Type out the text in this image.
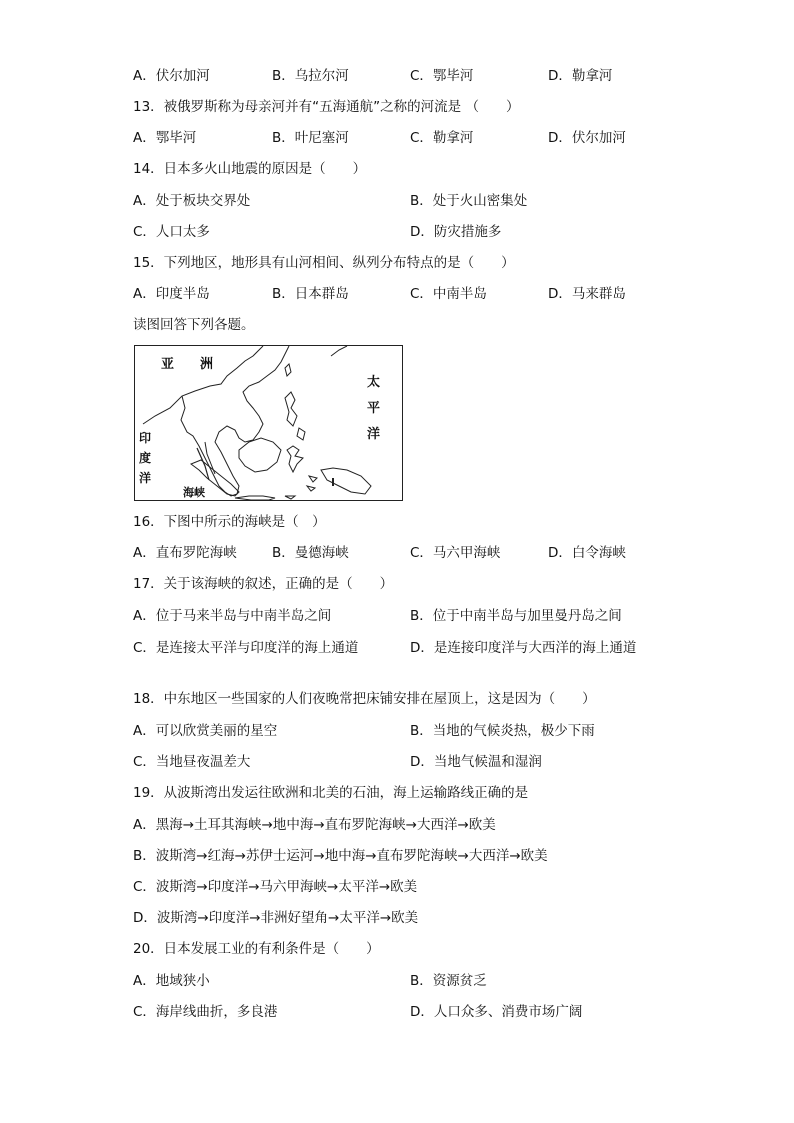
A．伏尔加河	B．乌拉尔河	C．鄂毕河	D．勒拿河
13．被俄罗斯称为母亲河并有“五海通航”之称的河流是 （　　）
A．鄂毕河	B．叶尼塞河	C．勒拿河	D．伏尔加河
14．日本多火山地震的原因是（　　）
A．处于板块交界处	B．处于火山密集处
C．人口太多	D．防灾措施多
15．下列地区，地形具有山河相间、纵列分布特点的是（　　）
A．印度半岛	B．日本群岛	C．中南半岛	D．马来群岛
读图回答下列各题。
亚　　洲
太
平
洋
印
度
洋
海峡
16．下图中所示的海峡是（　）
A．直布罗陀海峡	B．曼德海峡	C．马六甲海峡	D．白令海峡
17．关于该海峡的叙述，正确的是（　　）
A．位于马来半岛与中南半岛之间	B．位于中南半岛与加里曼丹岛之间
C．是连接太平洋与印度洋的海上通道	D．是连接印度洋与大西洋的海上通道
18．中东地区一些国家的人们夜晚常把床铺安排在屋顶上，这是因为（　　）
A．可以欣赏美丽的星空	B．当地的气候炎热，极少下雨
C．当地昼夜温差大	D．当地气候温和湿润
19．从波斯湾出发运往欧洲和北美的石油，海上运输路线正确的是
A．黑海→土耳其海峡→地中海→直布罗陀海峡→大西洋→欧美
B．波斯湾→红海→苏伊士运河→地中海→直布罗陀海峡→大西洋→欧美
C．波斯湾→印度洋→马六甲海峡→太平洋→欧美
D．波斯湾→印度洋→非洲好望角→太平洋→欧美
20．日本发展工业的有利条件是（　　）
A．地域狭小	B．资源贫乏
C．海岸线曲折，多良港	D．人口众多、消费市场广阔
